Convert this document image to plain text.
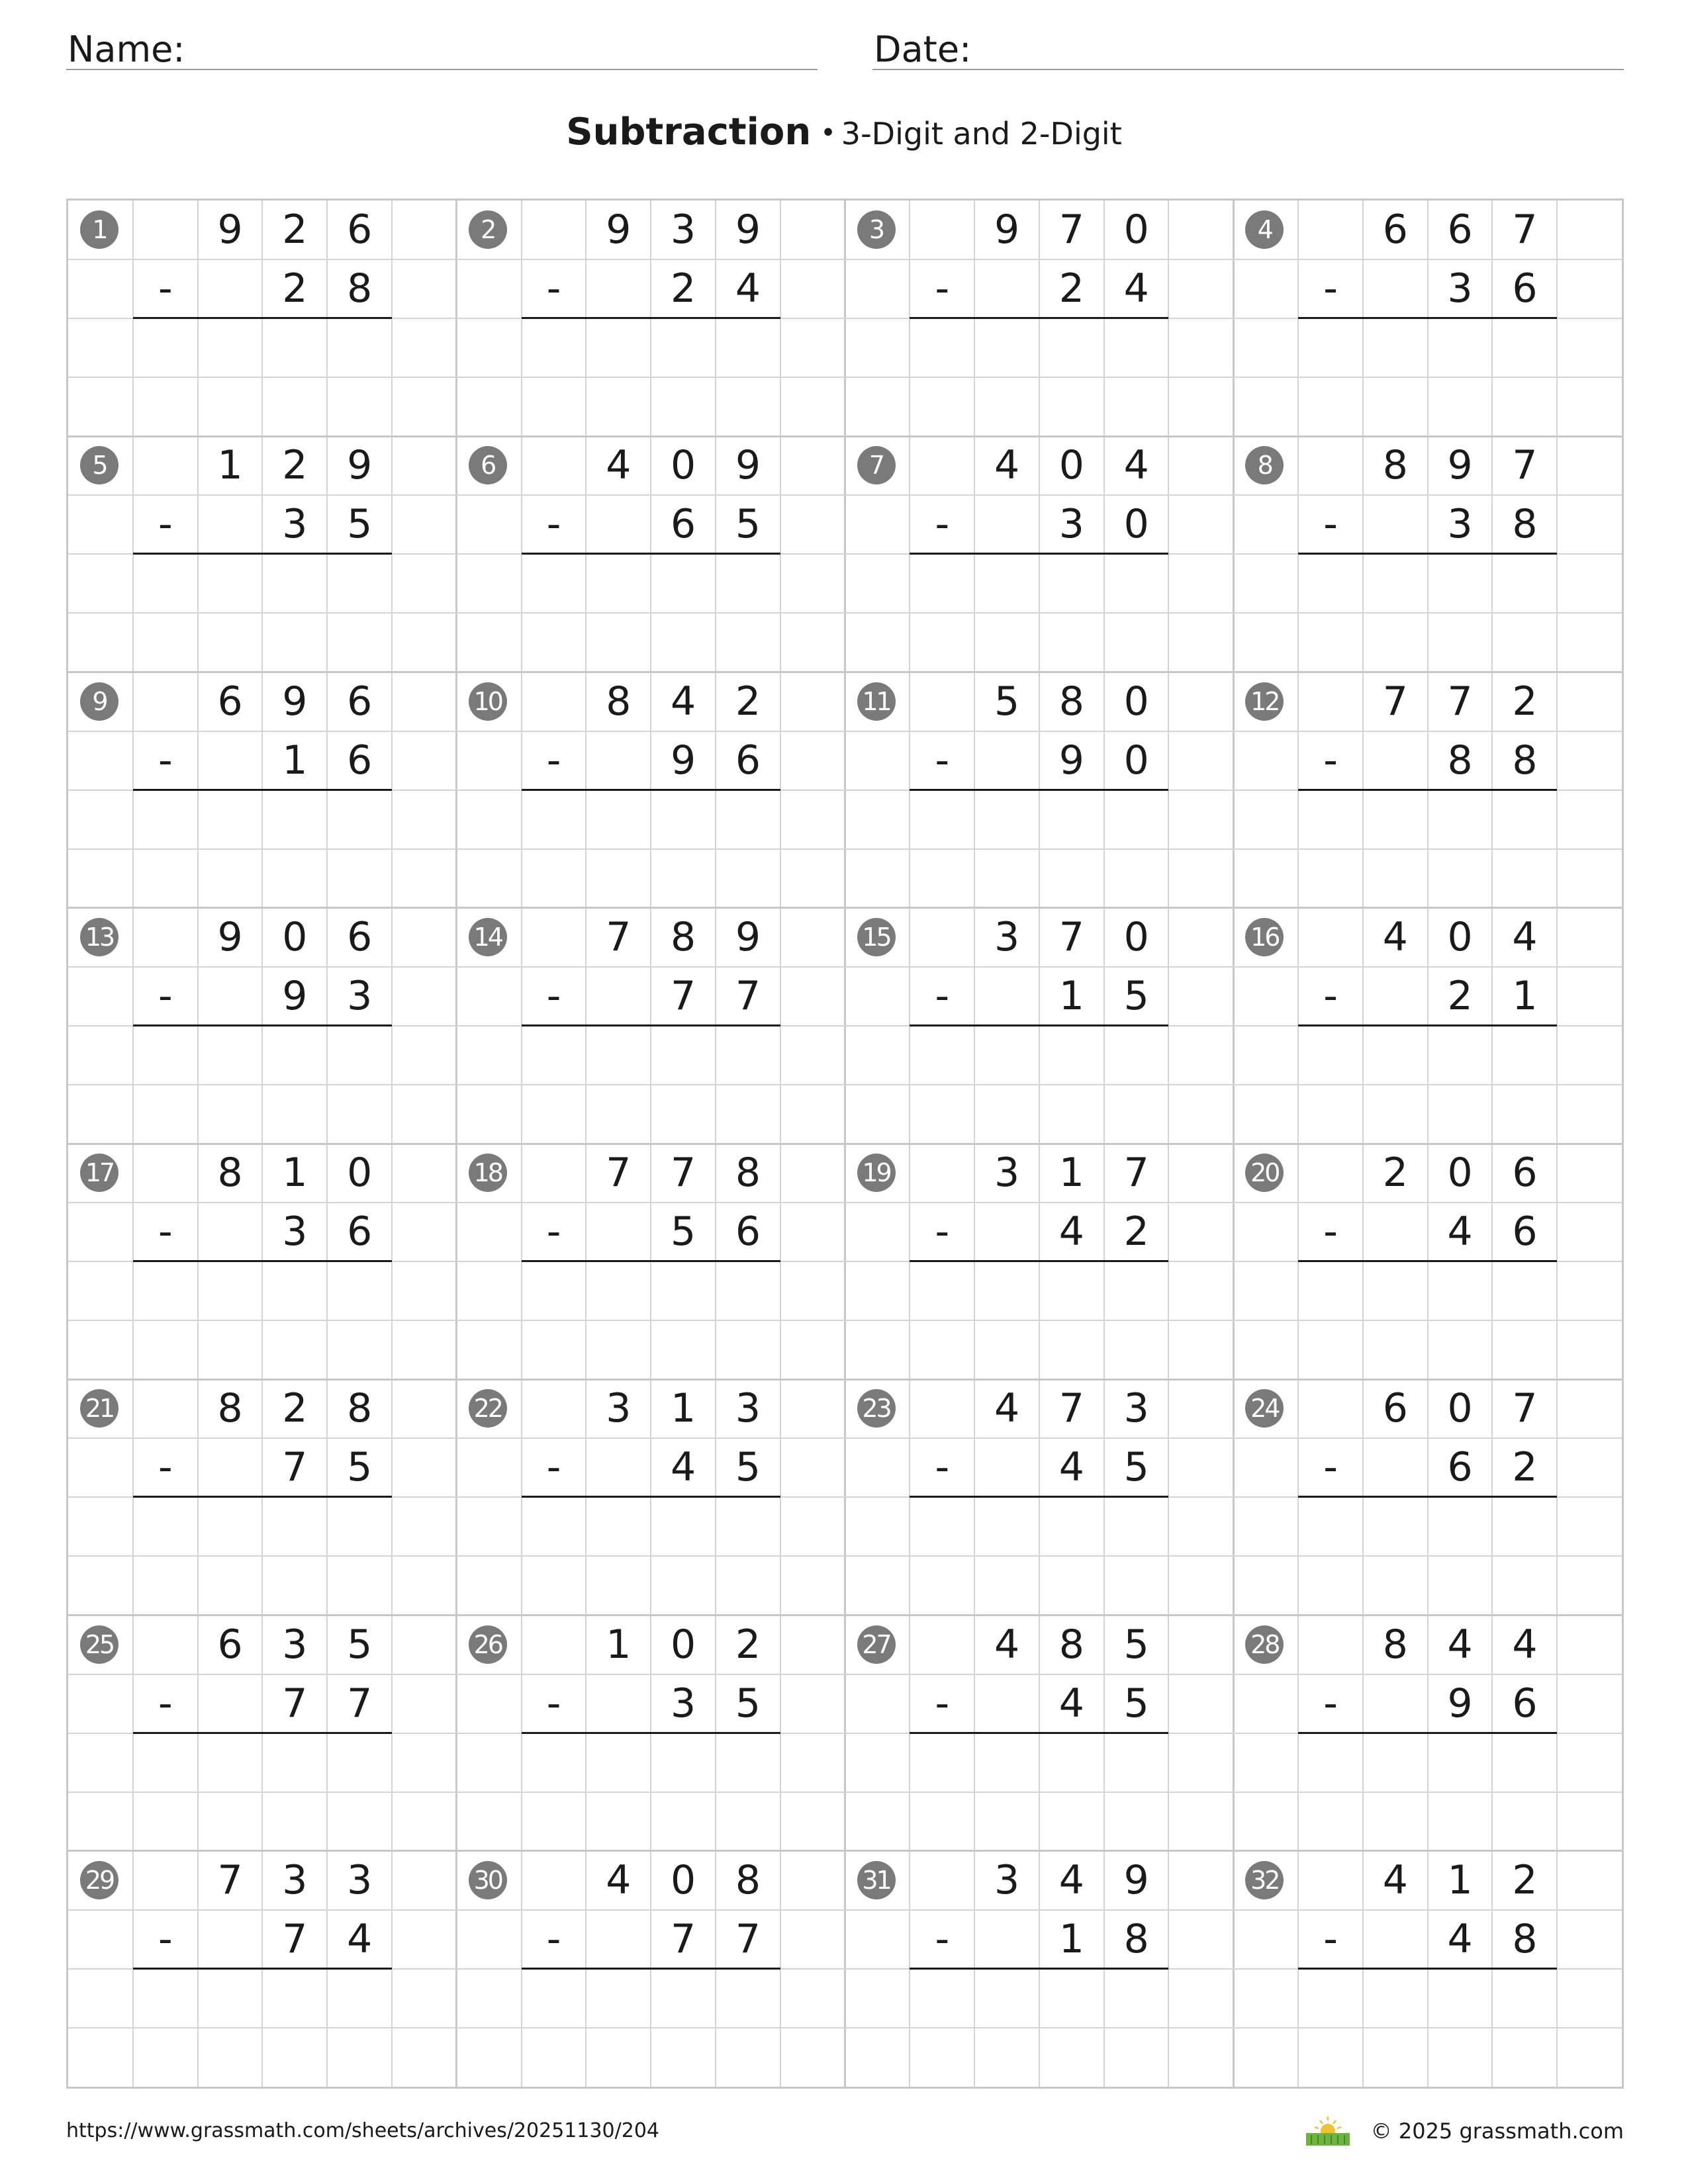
Name:	Date:
Subtraction • 3-Digit and 2-Digit
1	9 2 6
-	2 8
2	9 3 9
-	2 4
3	9 7 0
-	2 4
4	6 6 7
-	3 6
5	1 2 9
-	3 5
6	4 0 9
-	6 5
7	4 0 4
-	3 0
8	8 9 7
-	3 8
9	6 9 6
-	1 6
10	8 4 2
-	9 6
11	5 8 0
-	9 0
12	7 7 2
-	8 8
13	9 0 6
-	9 3
14	7 8 9
-	7 7
15	3 7 0
-	1 5
16	4 0 4
-	2 1
17	8 1 0
-	3 6
18	7 7 8
-	5 6
19	3 1 7
-	4 2
20	2 0 6
-	4 6
21	8 2 8
-	7 5
22	3 1 3
-	4 5
23	4 7 3
-	4 5
24	6 0 7
-	6 2
25	6 3 5
-	7 7
26	1 0 2
-	3 5
27	4 8 5
-	4 5
28	8 4 4
-	9 6
29	7 3 3
-	7 4
30	4 0 8
-	7 7
31	3 4 9
-	1 8
32	4 1 2
-	4 8
https://www.grassmath.com/sheets/archives/20251130/204	© 2025 grassmath.com
